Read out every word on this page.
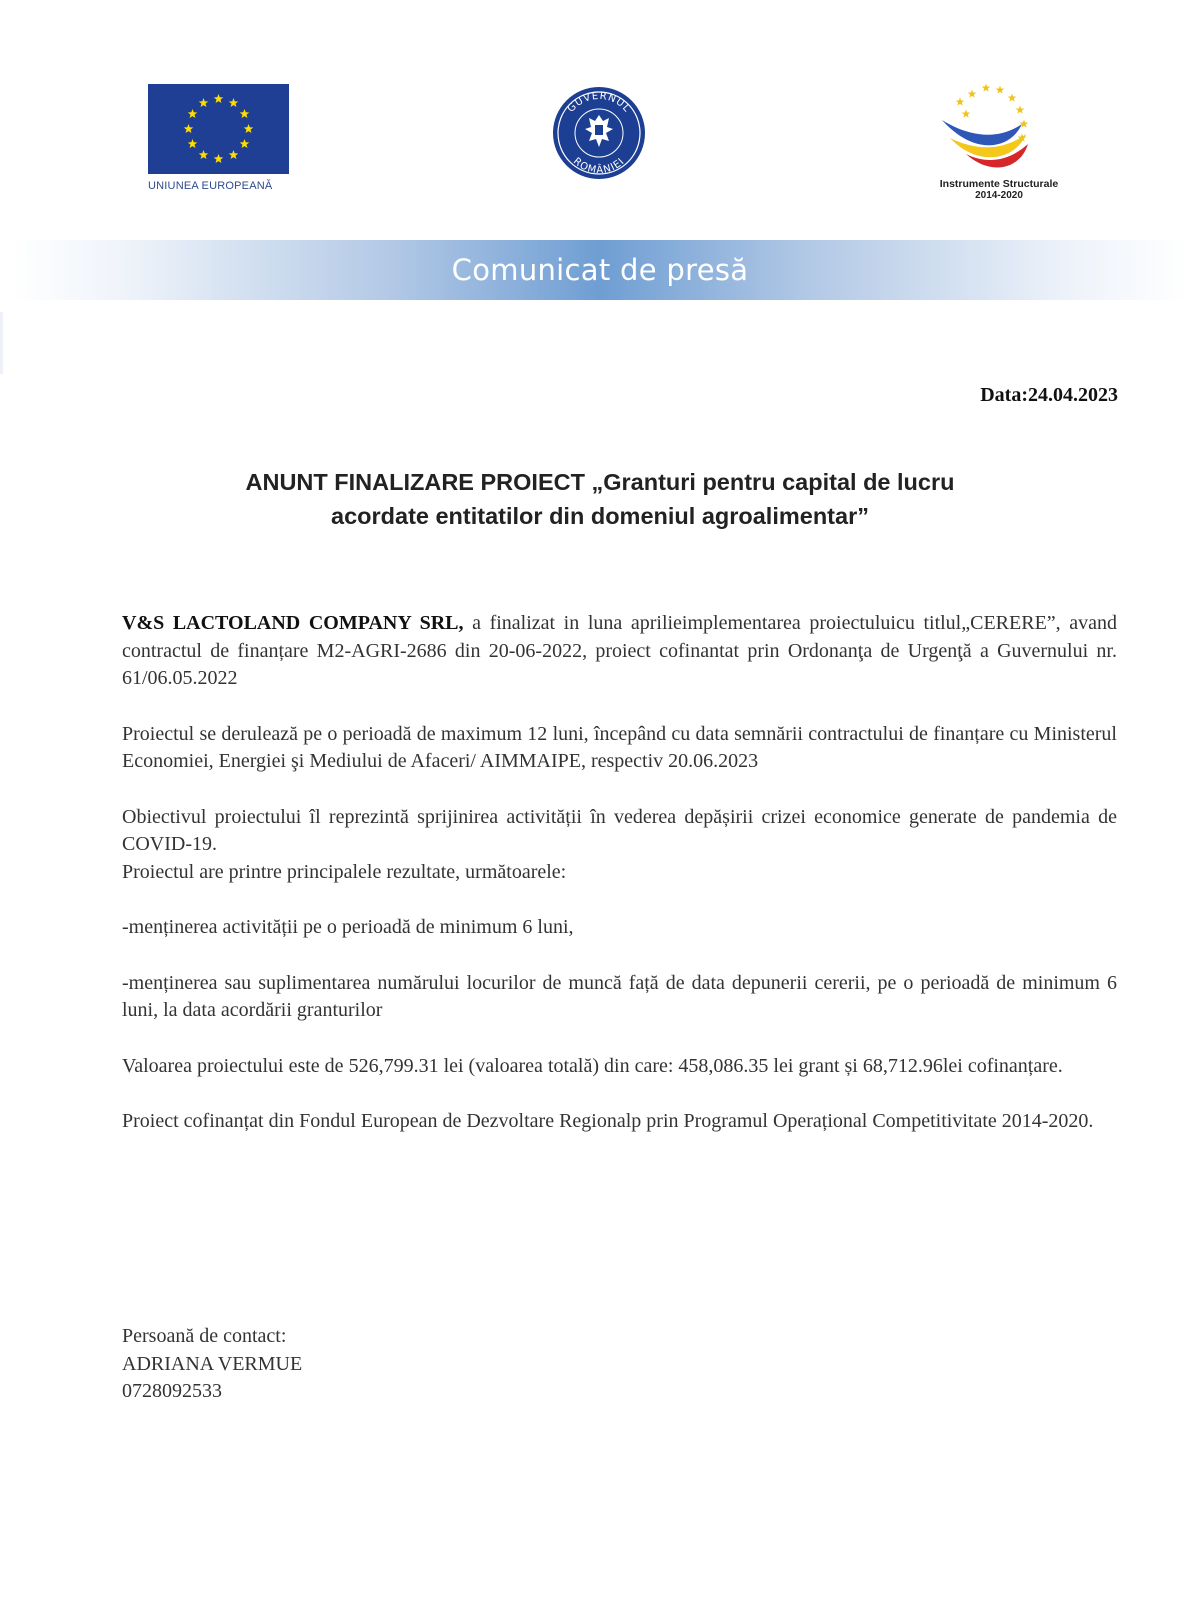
UNIUNEA EUROPEANĂ
GUVERNUL
ROMÂNIEI
Instrumente Structurale
2014-2020
Comunicat de presă
Data:24.04.2023
ANUNT FINALIZARE PROIECT „Granturi pentru capital de lucru
acordate entitatilor din domeniul agroalimentar”

V&S LACTOLAND COMPANY SRL, a finalizat in luna aprilieimplementarea proiectuluicu titlul„CERERE”, avand contractul de finanțare M2-AGRI-2686 din 20-06-2022, proiect cofinantat prin Ordonanţa de Urgenţă a Guvernului nr. 61/06.05.2022

Proiectul se derulează pe o perioadă de maximum 12 luni, începând cu data semnării contractului de finanțare cu Ministerul Economiei, Energiei şi Mediului de Afaceri/ AIMMAIPE, respectiv 20.06.2023

Obiectivul proiectului îl reprezintă sprijinirea activității în vederea depășirii crizei economice generate de pandemia de COVID-19.

Proiectul are printre principalele rezultate, următoarele:

-menținerea activității pe o perioadă de minimum 6 luni,

-menținerea sau suplimentarea numărului locurilor de muncă față de data depunerii cererii, pe o perioadă de minimum 6 luni, la data acordării granturilor

Valoarea proiectului este de 526,799.31 lei (valoarea totală) din care: 458,086.35 lei grant și 68,712.96lei cofinanțare.

Proiect cofinanțat din Fondul European de Dezvoltare Regionalp prin Programul Operațional Competitivitate 2014-2020.

Persoană de contact:
ADRIANA VERMUE
0728092533
